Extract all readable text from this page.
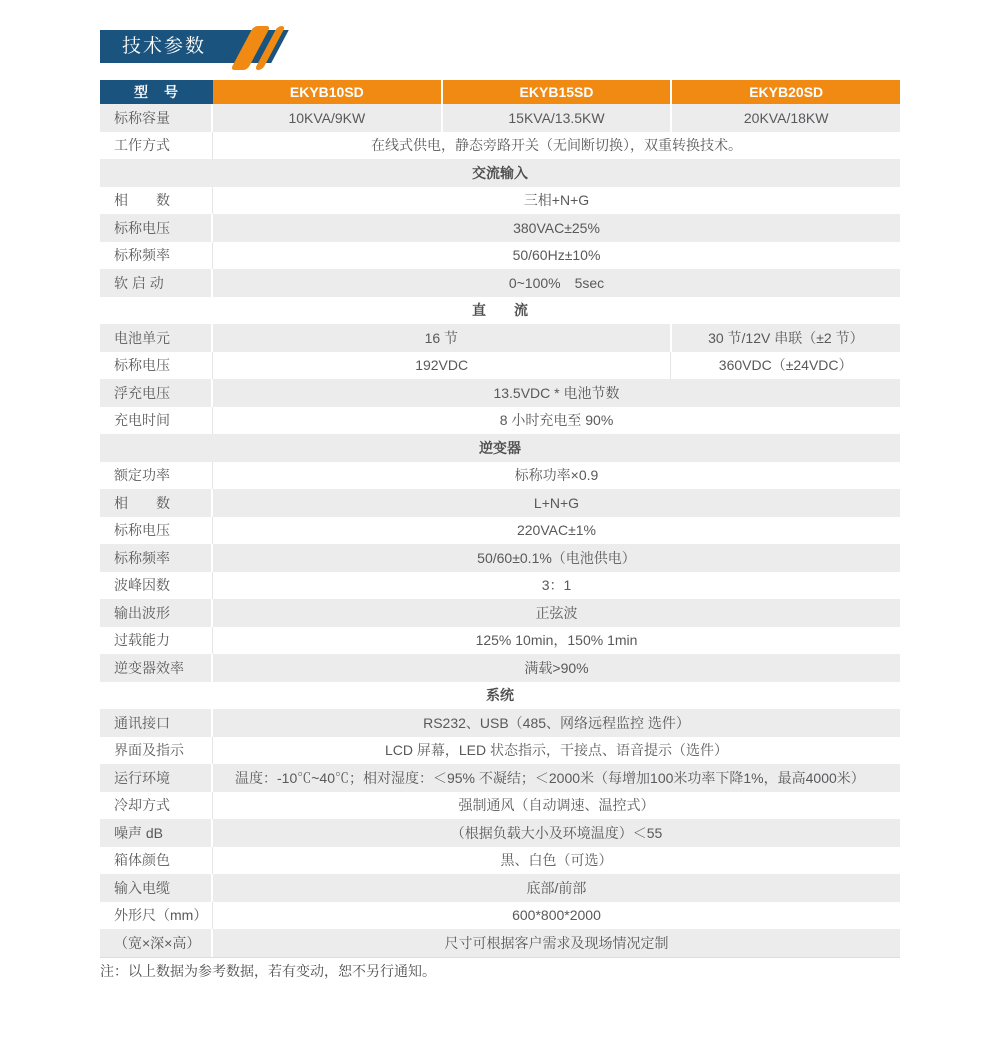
技术参数
型　号	EKYB10SD	EKYB15SD	EKYB20SD
标称容量	10KVA/9KW	15KVA/13.5KW	20KVA/18KW
工作方式	在线式供电，静态旁路开关（无间断切换），双重转换技术。
交流输入
相　　数	三相+N+G
标称电压	380VAC±25%
标称频率	50/60Hz±10%
软 启 动	0~100%　5sec
直　　流
电池单元	16 节	30 节/12V 串联（±2 节）
标称电压	192VDC	360VDC（±24VDC）
浮充电压	13.5VDC * 电池节数
充电时间	8 小时充电至 90%
逆变器
额定功率	标称功率×0.9
相　　数	L+N+G
标称电压	220VAC±1%
标称频率	50/60±0.1%（电池供电）
波峰因数	3：1
输出波形	正弦波
过载能力	125% 10min，150% 1min
逆变器效率	满载>90%
系统
通讯接口	RS232、USB（485、网络远程监控 选件）
界面及指示	LCD 屏幕，LED 状态指示，干接点、语音提示（选件）
运行环境	温度：-10℃~40℃；相对湿度：＜95% 不凝结；＜2000米（每增加100米功率下降1%，最高4000米）
冷却方式	强制通风（自动调速、温控式）
噪声 dB	（根据负载大小及环境温度）＜55
箱体颜色	黒、白色（可选）
输入电缆	底部/前部
外形尺（mm）	600*800*2000
（宽×深×高）	尺寸可根据客户需求及现场情况定制
注：以上数据为参考数据，若有变动，恕不另行通知。
